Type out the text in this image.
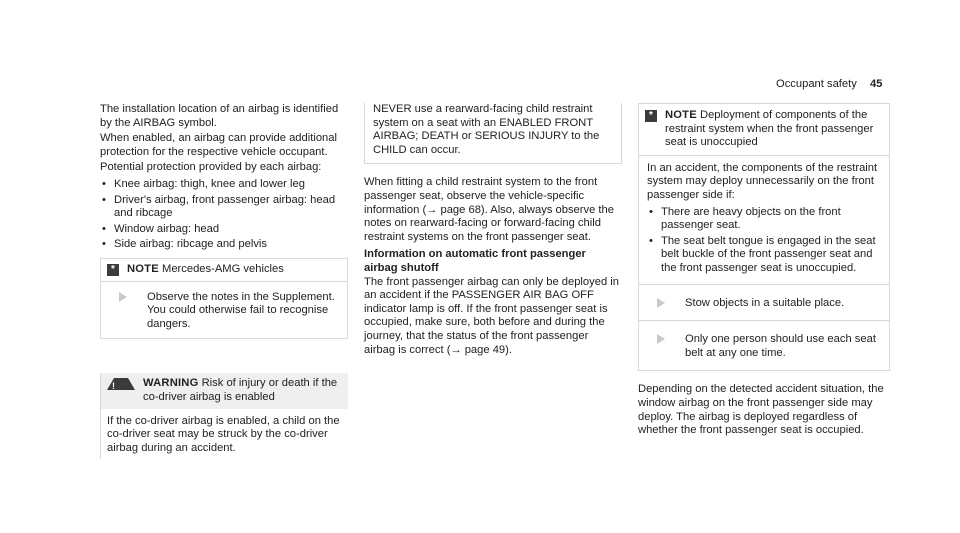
Occupant safety 45

The installation location of an airbag is identified by the AIRBAG symbol.

When enabled, an airbag can provide additional protection for the respective vehicle occupant.

Potential protection provided by each airbag:

• Knee airbag: thigh, knee and lower leg
• Driver's airbag, front passenger airbag: head and ribcage
• Window airbag: head
• Side airbag: ribcage and pelvis
*	NOTE Mercedes-AMG vehicles
Observe the notes in the Supplement. You could otherwise fail to recognise dangers.
!	WARNING Risk of injury or death if the co-driver airbag is enabled
If the co-driver airbag is enabled, a child on the co-driver seat may be struck by the co-driver airbag during an accident.

NEVER use a rearward-facing child restraint system on a seat with an ENABLED FRONT AIRBAG; DEATH or SERIOUS INJURY to the CHILD can occur.

When fitting a child restraint system to the front passenger seat, observe the vehicle-specific information (→ page 68). Also, always observe the notes on rearward-facing or forward-facing child restraint systems on the front passenger seat.

Information on automatic front passenger airbag shutoff

The front passenger airbag can only be deployed in an accident if the PASSENGER AIR BAG OFF indicator lamp is off. If the front passenger seat is occupied, make sure, both before and during the journey, that the status of the front passenger airbag is correct (→ page 49).

*	NOTE Deployment of components of the restraint system when the front passenger seat is unoccupied

In an accident, the components of the restraint system may deploy unnecessarily on the front passenger side if:

• There are heavy objects on the front passenger seat.
• The seat belt tongue is engaged in the seat belt buckle of the front passenger seat and the front passenger seat is unoccupied.
Stow objects in a suitable place.
Only one person should use each seat belt at any one time.

Depending on the detected accident situation, the window airbag on the front passenger side may deploy. The airbag is deployed regardless of whether the front passenger seat is occupied.
